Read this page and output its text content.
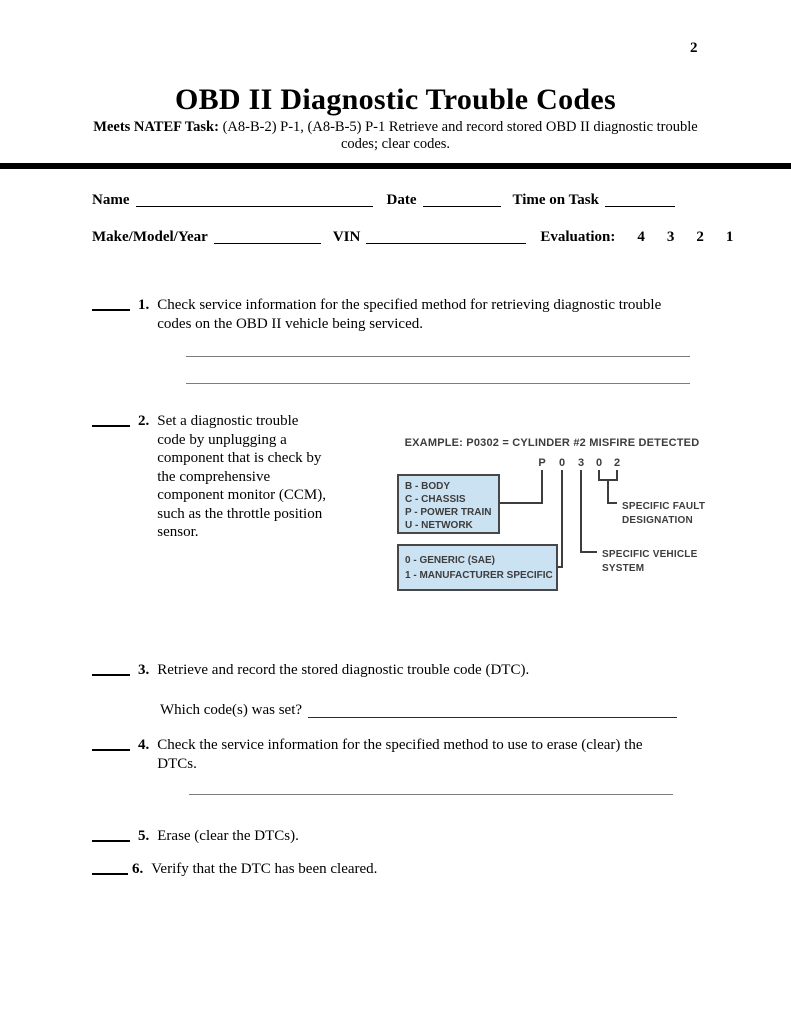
2
OBD II Diagnostic Trouble Codes
Meets NATEF Task: (A8-B-2) P-1, (A8-B-5) P-1 Retrieve and record stored OBD II diagnostic trouble codes; clear codes.
Name	Date	Time on Task
Make/Model/Year	VIN	Evaluation: 4 3 2 1
1. Check service information for the specified method for retrieving diagnostic trouble codes on the OBD II vehicle being serviced.
2. Set a diagnostic trouble code by unplugging a component that is check by the comprehensive component monitor (CCM), such as the throttle position sensor.
EXAMPLE: P0302 = CYLINDER #2 MISFIRE DETECTED
P 0 3 0 2
B - BODY
C - CHASSIS
P - POWER TRAIN
U - NETWORK
0 - GENERIC (SAE)
1 - MANUFACTURER SPECIFIC
SPECIFIC FAULT
DESIGNATION
SPECIFIC VEHICLE
SYSTEM
3. Retrieve and record the stored diagnostic trouble code (DTC).
Which code(s) was set?
4. Check the service information for the specified method to use to erase (clear) the DTCs.
5. Erase (clear the DTCs).
6. Verify that the DTC has been cleared.
